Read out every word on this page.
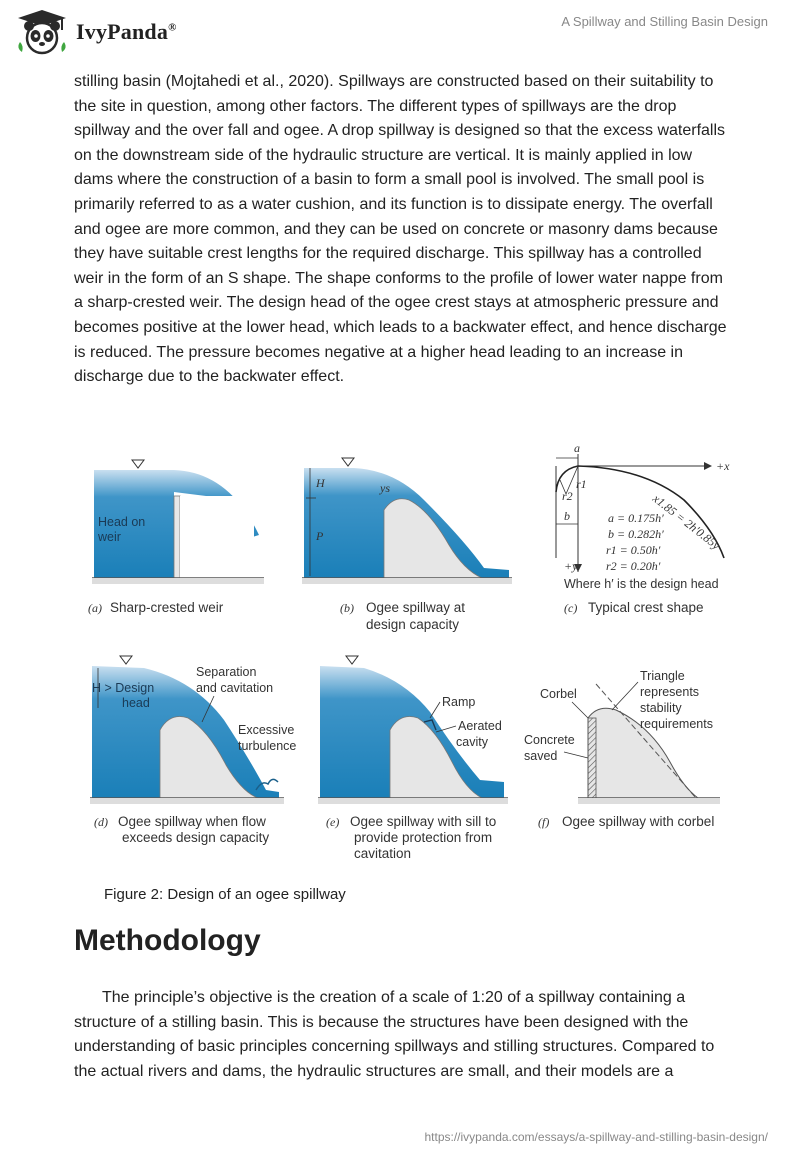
IvyPanda®	A Spillway and Stilling Basin Design

stilling basin (Mojtahedi et al., 2020). Spillways are constructed based on their suitability to the site in question, among other factors. The different types of spillways are the drop spillway and the over fall and ogee. A drop spillway is designed so that the excess waterfalls on the downstream side of the hydraulic structure are vertical. It is mainly applied in low dams where the construction of a basin to form a small pool is involved. The small pool is primarily referred to as a water cushion, and its function is to dissipate energy. The overfall and ogee are more common, and they can be used on concrete or masonry dams because they have suitable crest lengths for the required discharge. This spillway has a controlled weir in the form of an S shape. The shape conforms to the profile of lower water nappe from a sharp-crested weir. The design head of the ogee crest stays at atmospheric pressure and becomes positive at the lower head, which leads to a backwater effect, and hence discharge is reduced. The pressure becomes negative at a higher head leading to an increase in discharge due to the backwater effect.

Head on
weir
(a) Sharp-crested weir
H
P
ys
(b) Ogee spillway at
design capacity
a
+x
r1
r2
b	x1.85 = 2h′0.85y
a = 0.175h′
b = 0.282h′
r1 = 0.50h′
r2 = 0.20h′
+y
Where h′ is the design head
(c) Typical crest shape
H > Design
head
Separation
and cavitation
Excessive
turbulence
(d) Ogee spillway when flow
exceeds design capacity
Ramp
Aerated
cavity
(e) Ogee spillway with sill to
provide protection from
cavitation
Corbel
Triangle
represents
stability
requirements
Concrete
saved
(f) Ogee spillway with corbel
Figure 2: Design of an ogee spillway
Methodology

The principle’s objective is the creation of a scale of 1:20 of a spillway containing a structure of a stilling basin. This is because the structures have been designed with the understanding of basic principles concerning spillways and stilling structures. Compared to the actual rivers and dams, the hydraulic structures are small, and their models are a

https://ivypanda.com/essays/a-spillway-and-stilling-basin-design/
